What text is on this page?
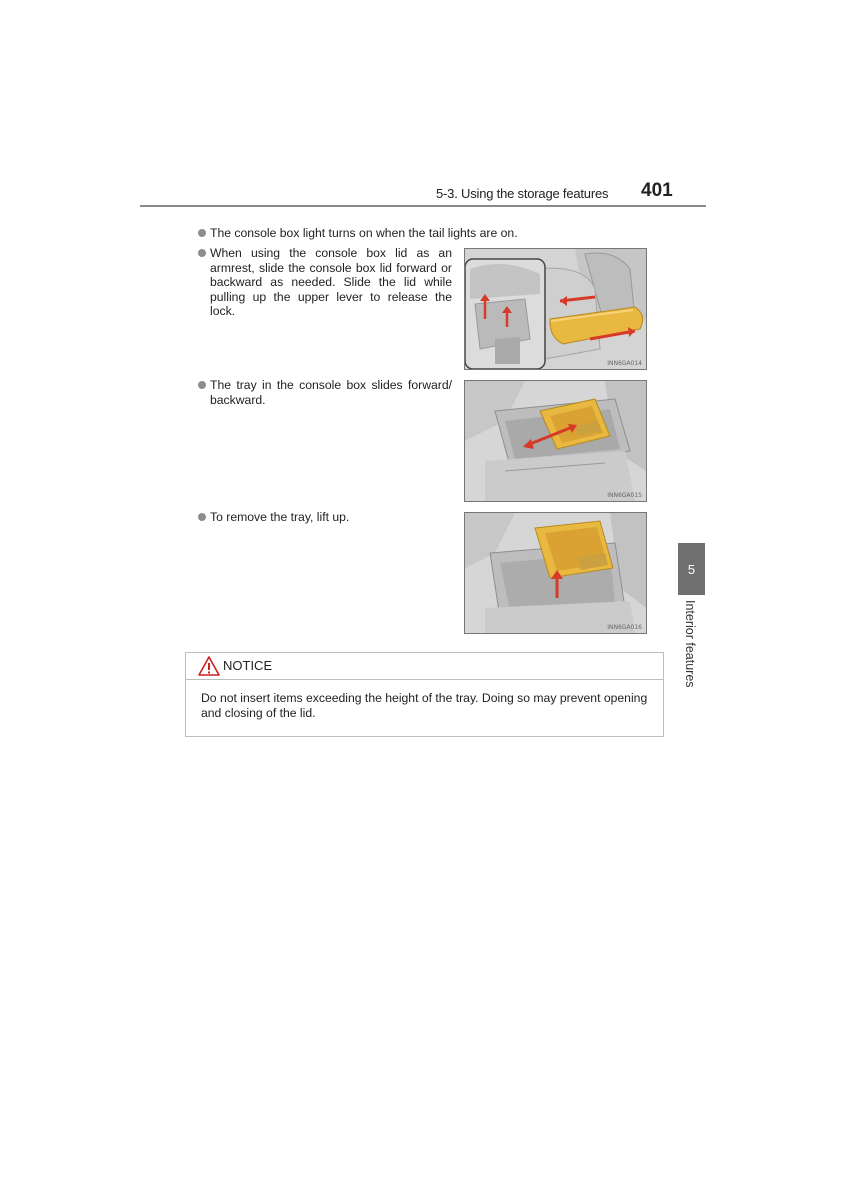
5-3. Using the storage features 401
The console box light turns on when the tail lights are on.
When using the console box lid as an armrest, slide the console box lid forward or backward as needed. Slide the lid while pulling up the upper lever to release the lock.
The tray in the console box slides forward/ backward.
To remove the tray, lift up.
INN6GA014
INN6GA015
INN6GA016
5
Interior features
NOTICE
Do not insert items exceeding the height of the tray. Doing so may prevent opening and closing of the lid.
